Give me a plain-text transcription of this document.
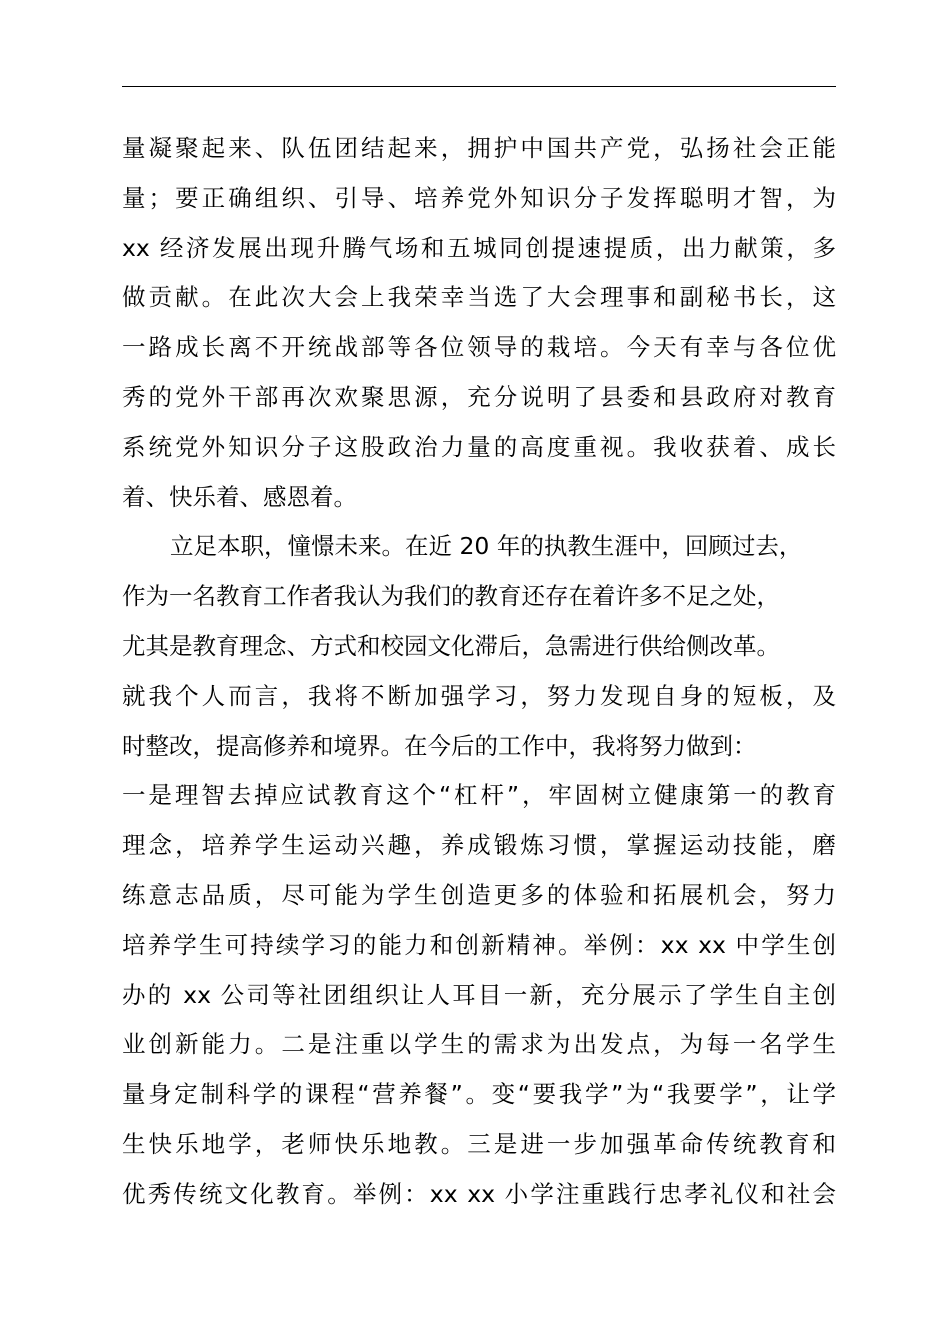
量凝聚起来、队伍团结起来，拥护中国共产党，弘扬社会正能
量；要正确组织、引导、培养党外知识分子发挥聪明才智，为
xx 经济发展出现升腾气场和五城同创提速提质，出力献策，多
做贡献。在此次大会上我荣幸当选了大会理事和副秘书长，这
一路成长离不开统战部等各位领导的栽培。今天有幸与各位优
秀的党外干部再次欢聚思源，充分说明了县委和县政府对教育
系统党外知识分子这股政治力量的高度重视。我收获着、成长
着、快乐着、感恩着。
立足本职，憧憬未来。在近 20 年的执教生涯中，回顾过去，
作为一名教育工作者我认为我们的教育还存在着许多不足之处，
尤其是教育理念、方式和校园文化滞后，急需进行供给侧改革。
就我个人而言，我将不断加强学习，努力发现自身的短板，及
时整改，提高修养和境界。在今后的工作中，我将努力做到：
一是理智去掉应试教育这个“杠杆”，牢固树立健康第一的教育
理念，培养学生运动兴趣，养成锻炼习惯，掌握运动技能，磨
练意志品质，尽可能为学生创造更多的体验和拓展机会，努力
培养学生可持续学习的能力和创新精神。举例：xx xx 中学生创
办的 xx 公司等社团组织让人耳目一新，充分展示了学生自主创
业创新能力。二是注重以学生的需求为出发点，为每一名学生
量身定制科学的课程“营养餐”。变“要我学”为“我要学”，让学
生快乐地学，老师快乐地教。三是进一步加强革命传统教育和
优秀传统文化教育。举例：xx xx 小学注重践行忠孝礼仪和社会
